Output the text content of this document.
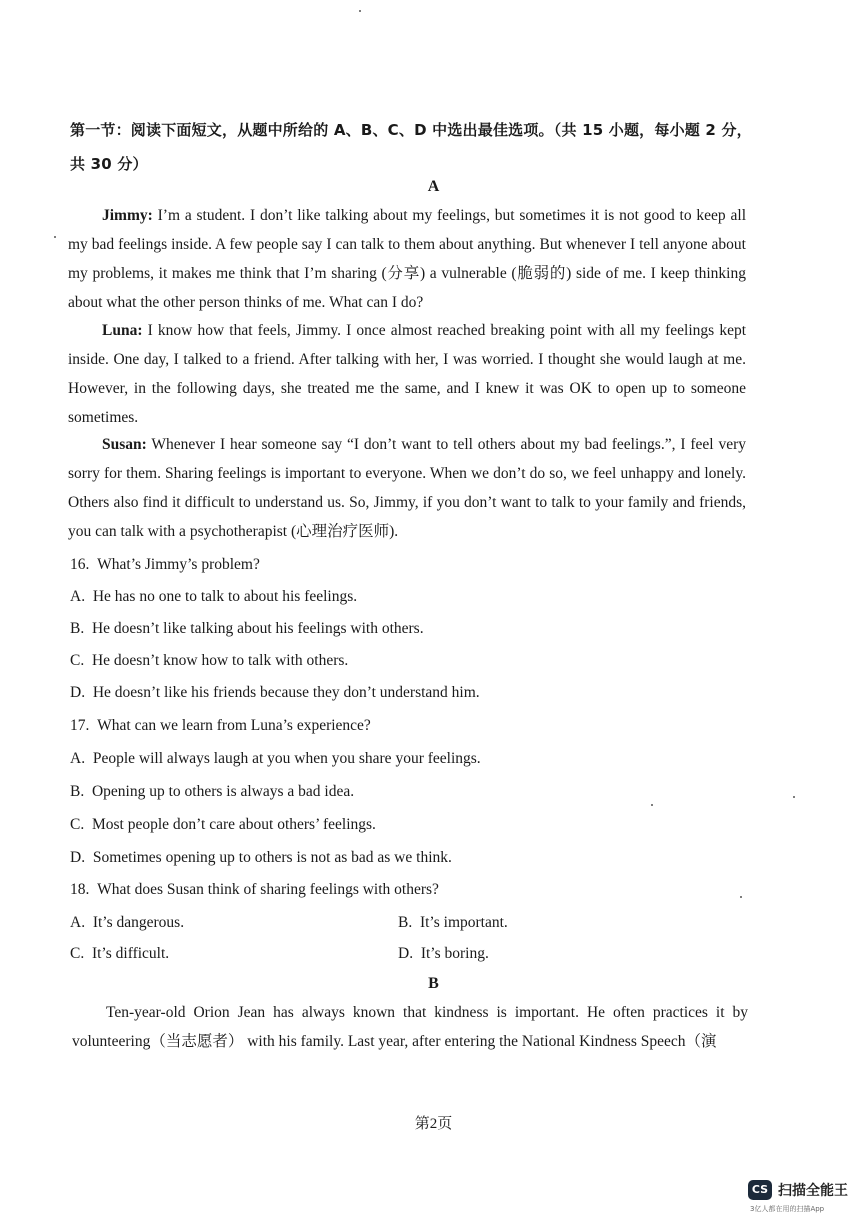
第一节：阅读下面短文，从题中所给的 A、B、C、D 中选出最佳选项。（共 15 小题，每小题 2 分，共 30 分）
A
Jimmy: I’m a student. I don’t like talking about my feelings, but sometimes it is not good to keep all my bad feelings inside. A few people say I can talk to them about anything. But whenever I tell anyone about my problems, it makes me think that I’m sharing (分享) a vulnerable (脆弱的) side of me. I keep thinking about what the other person thinks of me. What can I do?
Luna: I know how that feels, Jimmy. I once almost reached breaking point with all my feelings kept inside. One day, I talked to a friend. After talking with her, I was worried. I thought she would laugh at me. However, in the following days, she treated me the same, and I knew it was OK to open up to someone sometimes.
Susan: Whenever I hear someone say “I don’t want to tell others about my bad feelings.”, I feel very sorry for them. Sharing feelings is important to everyone. When we don’t do so, we feel unhappy and lonely. Others also find it difficult to understand us. So, Jimmy, if you don’t want to talk to your family and friends, you can talk with a psychotherapist (心理治疗医师).
16. What’s Jimmy’s problem?
A. He has no one to talk to about his feelings.
B. He doesn’t like talking about his feelings with others.
C. He doesn’t know how to talk with others.
D. He doesn’t like his friends because they don’t understand him.
17. What can we learn from Luna’s experience?
A. People will always laugh at you when you share your feelings.
B. Opening up to others is always a bad idea.
C. Most people don’t care about others’ feelings.
D. Sometimes opening up to others is not as bad as we think.
18. What does Susan think of sharing feelings with others?
A. It’s dangerous.	B. It’s important.
C. It’s difficult.	D. It’s boring.
B
Ten-year-old Orion Jean has always known that kindness is important. He often practices it by volunteering（当志愿者） with his family. Last year, after entering the National Kindness Speech（演
第2页
CS 扫描全能王
3亿人都在用的扫描App
